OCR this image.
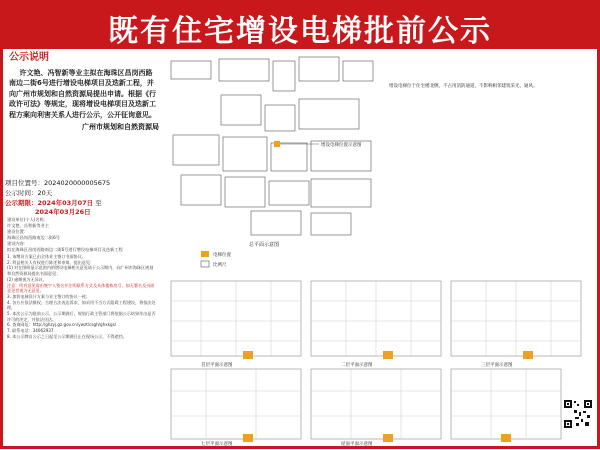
既有住宅增设电梯批前公示
公示说明
许文艳、冯智新等业主拟在海珠区昌岗西路南边二街6号进行增设电梯项目及迭新工程，并向广州市规划和自然资源局提出申请。根据《行政许可法》等规定，现将增设电梯项目及迭新工程方案向利害关系人进行公示，公开征询意见。
广州市规划和自然资源局
项目位置号：2024020000005675
公示时间：20天
公示期限：2024年03月07日 至
2024年03月26日
建设单位(个人)名称：
许文艳、冯智新等业主
建设位置：
海珠区昌岗西路南边二街6号
建设内容：
拟在海珠区昌岗西路南边二街6号进行增设电梯项目及迭新工程
1. 该增设方案已由全体业主签订书面协议。
2. 利益相关人有权进行陈述和申辩，提出意见：
(1) 对在图明显示范围内的增设电梯相关意见请于公示期内，向广州市海珠区规划和自然资源局提出书面意见；
(2) 逾期视为无异议。
注意：所有意见需由签字人签名并注明联系方式及具体楼栋房号，如无署名及书面意见者视为无意见。
3. 加装电梯设计方案与业主签订的协议一致；
4. 各方应依法维权，合理合法表达诉求，如采用不当方式阻碍工程建设，将依法处理。
5. 本次公示为批前公示，公示期满后，规划行政主管部门将依据公示结果作出是否许可的决定，并依法送达。
6. 查询网址：http://ghzyj.gz.gov.cn/ywzt/csgh/ghxkgs/
7. 联系电话：34062937
8. 本公示牌自公示之日起至公示期满日止在现场公示，不得遮挡。
增设电梯位置示意图
增设电梯位于住宅楼北侧，不占用消防通道，不影响相邻建筑采光、通风。
总平面示意图
电梯位置
比例尺
首层平面示意图	二层平面示意图	三层平面示意图
七层平面示意图	屋面平面示意图
